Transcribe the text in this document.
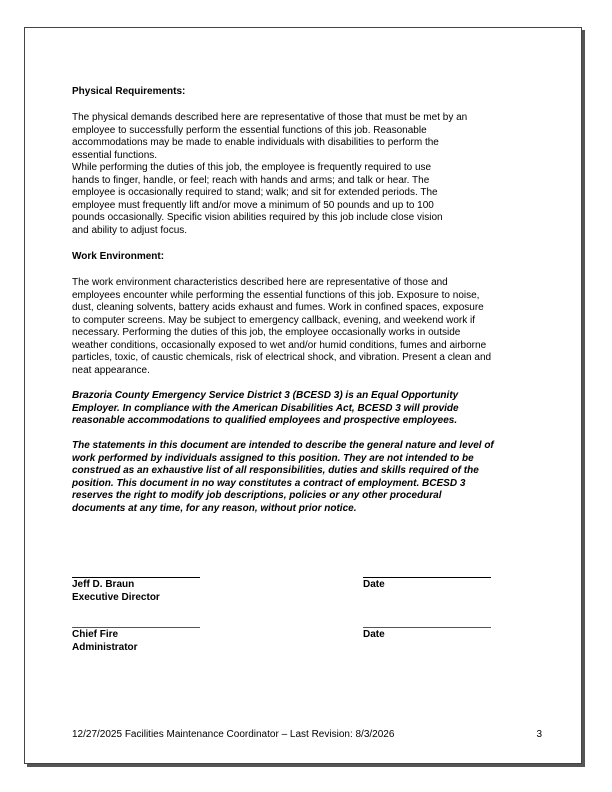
Physical Requirements:

The physical demands described here are representative of those that must be met by an
employee to successfully perform the essential functions of this job. Reasonable
accommodations may be made to enable individuals with disabilities to perform the
essential functions.
While performing the duties of this job, the employee is frequently required to use
hands to finger, handle, or feel; reach with hands and arms; and talk or hear. The
employee is occasionally required to stand; walk; and sit for extended periods. The
employee must frequently lift and/or move a minimum of 50 pounds and up to 100
pounds occasionally. Specific vision abilities required by this job include close vision
and ability to adjust focus.

Work Environment:

The work environment characteristics described here are representative of those and
employees encounter while performing the essential functions of this job. Exposure to noise,
dust, cleaning solvents, battery acids exhaust and fumes. Work in confined spaces, exposure
to computer screens. May be subject to emergency callback, evening, and weekend work if
necessary. Performing the duties of this job, the employee occasionally works in outside
weather conditions, occasionally exposed to wet and/or humid conditions, fumes and airborne
particles, toxic, of caustic chemicals, risk of electrical shock, and vibration. Present a clean and
neat appearance.
Brazoria County Emergency Service District 3 (BCESD 3) is an Equal Opportunity
Employer. In compliance with the American Disabilities Act, BCESD 3 will provide
reasonable accommodations to qualified employees and prospective employees.
The statements in this document are intended to describe the general nature and level of
work performed by individuals assigned to this position. They are not intended to be
construed as an exhaustive list of all responsibilities, duties and skills required of the
position. This document in no way constitutes a contract of employment. BCESD 3
reserves the right to modify job descriptions, policies or any other procedural
documents at any time, for any reason, without prior notice.
Jeff D. Braun
Executive Director
Date
Chief Fire
Administrator
Date
12/27/2025 Facilities Maintenance Coordinator – Last Revision: 8/3/2026	3
